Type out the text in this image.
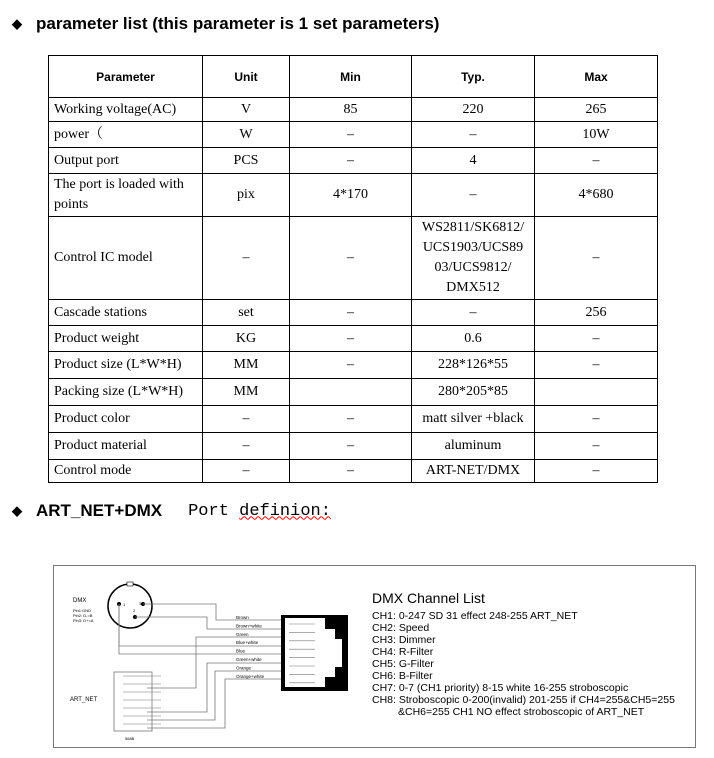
◆ parameter list (this parameter is 1 set parameters)
Parameter	Unit	Min	Typ.	Max
Working voltage(AC)	V	85	220	265
power（	W	–	–	10W
Output port	PCS	–	4	–
The port is loaded with points	pix	4*170	–	4*680
Control IC model	–	–	WS2811/SK6812/ UCS1903/UCS89 03/UCS9812/ DMX512	–
Cascade stations	set	–	–	256
Product weight	KG	–	0.6	–
Product size (L*W*H)	MM	–	228*126*55	–
Packing size (L*W*H)	MM		280*205*85	
Product color	–	–	matt silver +black	–
Product material	–	–	aluminum	–
Control mode	–	–	ART-NET/DMX	–
◆ ART_NET+DMX Port definion:
DMX
Pin1:GND
Pin2: D-=B
Pin3: D+=A
1
2
3
Brown
Brown+white
Green
Blue+white
Blue
Green+white
Orange
Orange+white
ART_NET
568B
DMX Channel List
CH1: 0-247 SD 31 effect 248-255 ART_NET
CH2: Speed
CH3: Dimmer
CH4: R-Filter
CH5: G-Filter
CH6: B-Filter
CH7: 0-7 (CH1 priority) 8-15 white 16-255 stroboscopic
CH8: Stroboscopic 0-200(invalid) 201-255 if CH4=255&CH5=255
&CH6=255 CH1 NO effect stroboscopic of ART_NET
